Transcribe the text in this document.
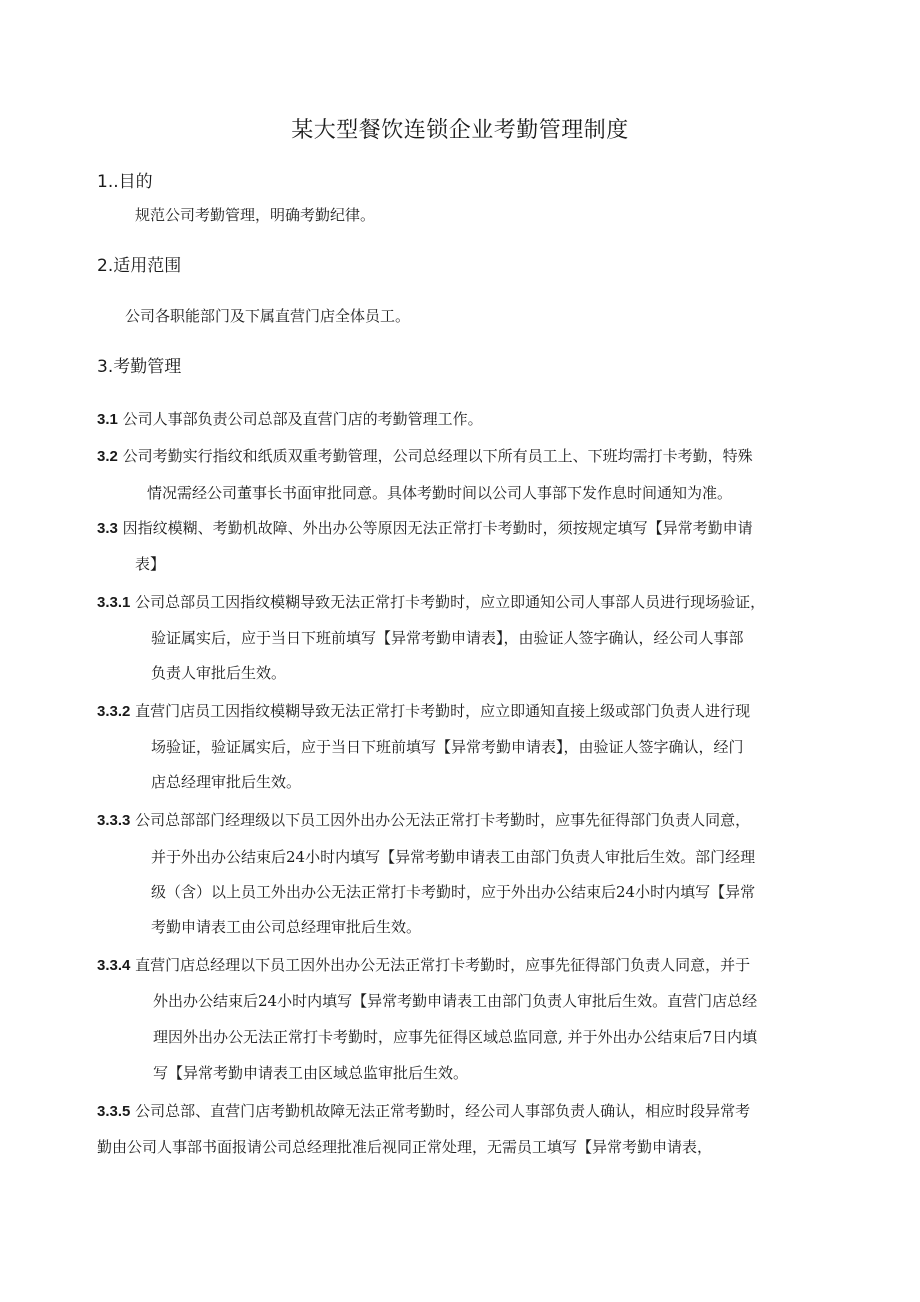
某大型餐饮连锁企业考勤管理制度
1..目的
规范公司考勤管理，明确考勤纪律。
2.适用范围
公司各职能部门及下属直营门店全体员工。
3.考勤管理
3.1 公司人事部负责公司总部及直营门店的考勤管理工作。
3.2 公司考勤实行指纹和纸质双重考勤管理，公司总经理以下所有员工上、下班均需打卡考勤，特殊
情况需经公司董事长书面审批同意。具体考勤时间以公司人事部下发作息时间通知为准。
3.3 因指纹模糊、考勤机故障、外出办公等原因无法正常打卡考勤时，须按规定填写【异常考勤申请
表】
3.3.1 公司总部员工因指纹模糊导致无法正常打卡考勤时，应立即通知公司人事部人员进行现场验证，
验证属实后，应于当日下班前填写【异常考勤申请表】，由验证人签字确认，经公司人事部
负责人审批后生效。
3.3.2 直营门店员工因指纹模糊导致无法正常打卡考勤时，应立即通知直接上级或部门负责人进行现
场验证，验证属实后，应于当日下班前填写【异常考勤申请表】，由验证人签字确认，经门
店总经理审批后生效。
3.3.3 公司总部部门经理级以下员工因外出办公无法正常打卡考勤时，应事先征得部门负责人同意，
并于外出办公结束后24小时内填写【异常考勤申请表工由部门负责人审批后生效。部门经理
级（含）以上员工外出办公无法正常打卡考勤时，应于外出办公结束后24小时内填写【异常
考勤申请表工由公司总经理审批后生效。
3.3.4 直营门店总经理以下员工因外出办公无法正常打卡考勤时，应事先征得部门负责人同意，并于
外出办公结束后24小时内填写【异常考勤申请表工由部门负责人审批后生效。直营门店总经
理因外出办公无法正常打卡考勤时，应事先征得区域总监同意, 并于外出办公结束后7日内填
写【异常考勤申请表工由区域总监审批后生效。
3.3.5 公司总部、直营门店考勤机故障无法正常考勤时，经公司人事部负责人确认，相应时段异常考
勤由公司人事部书面报请公司总经理批准后视同正常处理，无需员工填写【异常考勤申请表，
